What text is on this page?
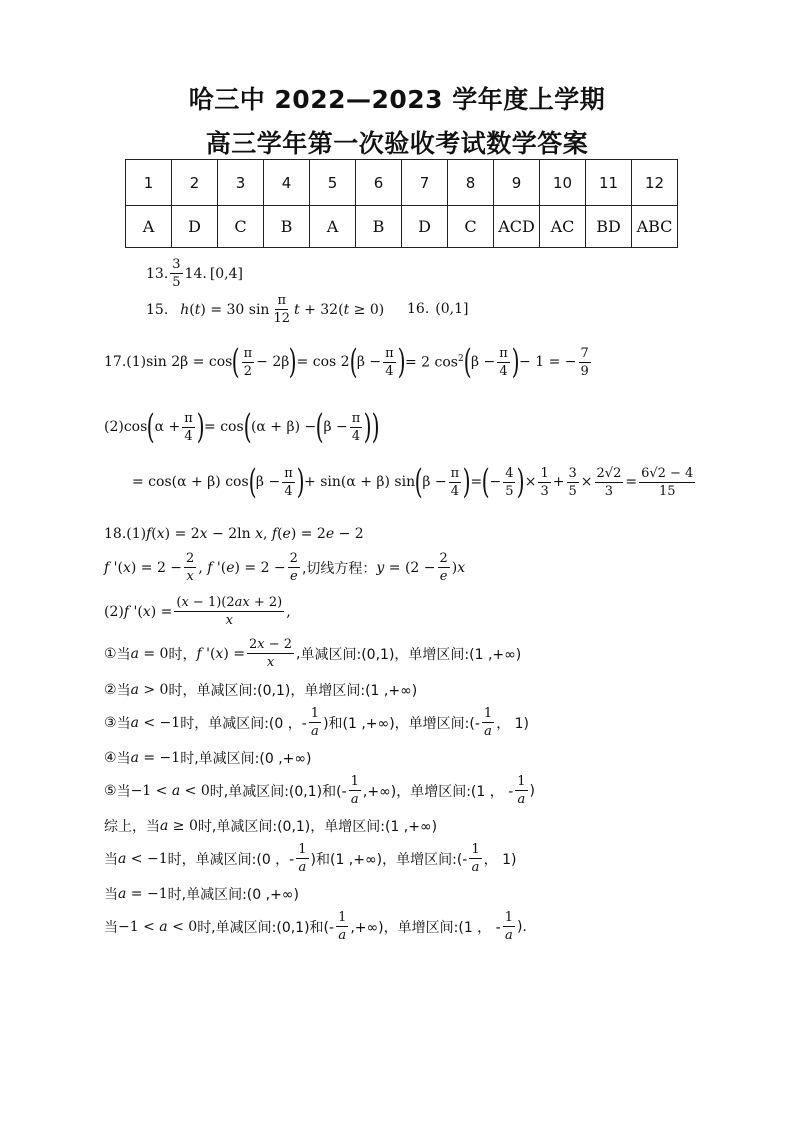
哈三中 2022—2023 学年度上学期
高三学年第一次验收考试数学答案
1	2	3	4	5	6	7	8	9	10	11	12
A	D	C	B	A	B	D	C	ACD	AC	BD	ABC
13. $\frac{3}{5} 14$. [0,4]
15. h(t) = 30 $\sin \frac{\pi}{12}$ t + 32(t ≥ 0) 16. (0,1]
17. (1) sin 2β = cos ( $\frac{\pi}{2} - 2\beta$ ) = cos 2 ( $\beta - \frac{\pi}{4}$ ) = 2 $\cos^2$ ( $\beta - \frac{\pi}{4}$ ) − 1 = − $\frac{7}{9}$
(2) cos ( $\alpha + \frac{\pi}{4}$ ) = cos ( (α + β) − ( $\beta - \frac{\pi}{4}$ ) )
= cos(α + β) cos ( $\beta - \frac{\pi}{4}$ ) + sin(α + β) sin ( $\beta - \frac{\pi}{4}$ ) = ( − $\frac{4}{5}$ ) × $\frac{1}{3} + \frac{3}{5} \times \frac{2√2}{3} = \frac{6√2 - 4}{15}$
18. (1) f(x) = 2x − 2ln x, f(e) = 2e − 2
f '$(x) = 2 - \frac{2}{x}$ , f '$(e) = 2 - \frac{2}{e}$ ,切线方程： $y = (2 - \frac{2}{e} )x$
(2) f '$(x) = \frac{(x - 1)(2ax + 2)}{x}$ ,
① 当 a = 0 时， f '$(x) = \frac{2x - 2}{x}$ , 单减区间:(0,1)，单增区间:(1 ,+∞)
② 当 a > 0 时， 单减区间:(0,1)，单增区间:(1 ,+∞)
③ 当 a < −1 时，单减区间:(0 ，- $\frac{1}{a}$ )和(1 ,+∞)，单增区间:(- $\frac{1}{a}$ ， 1)
④ 当 a = −1 时, 单减区间:(0 ,+∞)
⑤ 当 −1 < a < 0 时,单减区间:(0,1)和(- $\frac{1}{a}$ ,+∞)，单增区间:(1 ， - $\frac{1}{a}$ )
综上， 当 a ≥ 0 时, 单减区间:(0,1)，单增区间:(1 ,+∞)
当 a < −1 时，单减区间:(0 ，- $\frac{1}{a}$ )和(1 ,+∞)，单增区间:(- $\frac{1}{a}$ ， 1)
当 a = −1 时, 单减区间:(0 ,+∞)
当 −1 < a < 0 时,单减区间:(0,1)和(- $\frac{1}{a}$ ,+∞)，单增区间:(1 ， - $\frac{1}{a}$ ).
